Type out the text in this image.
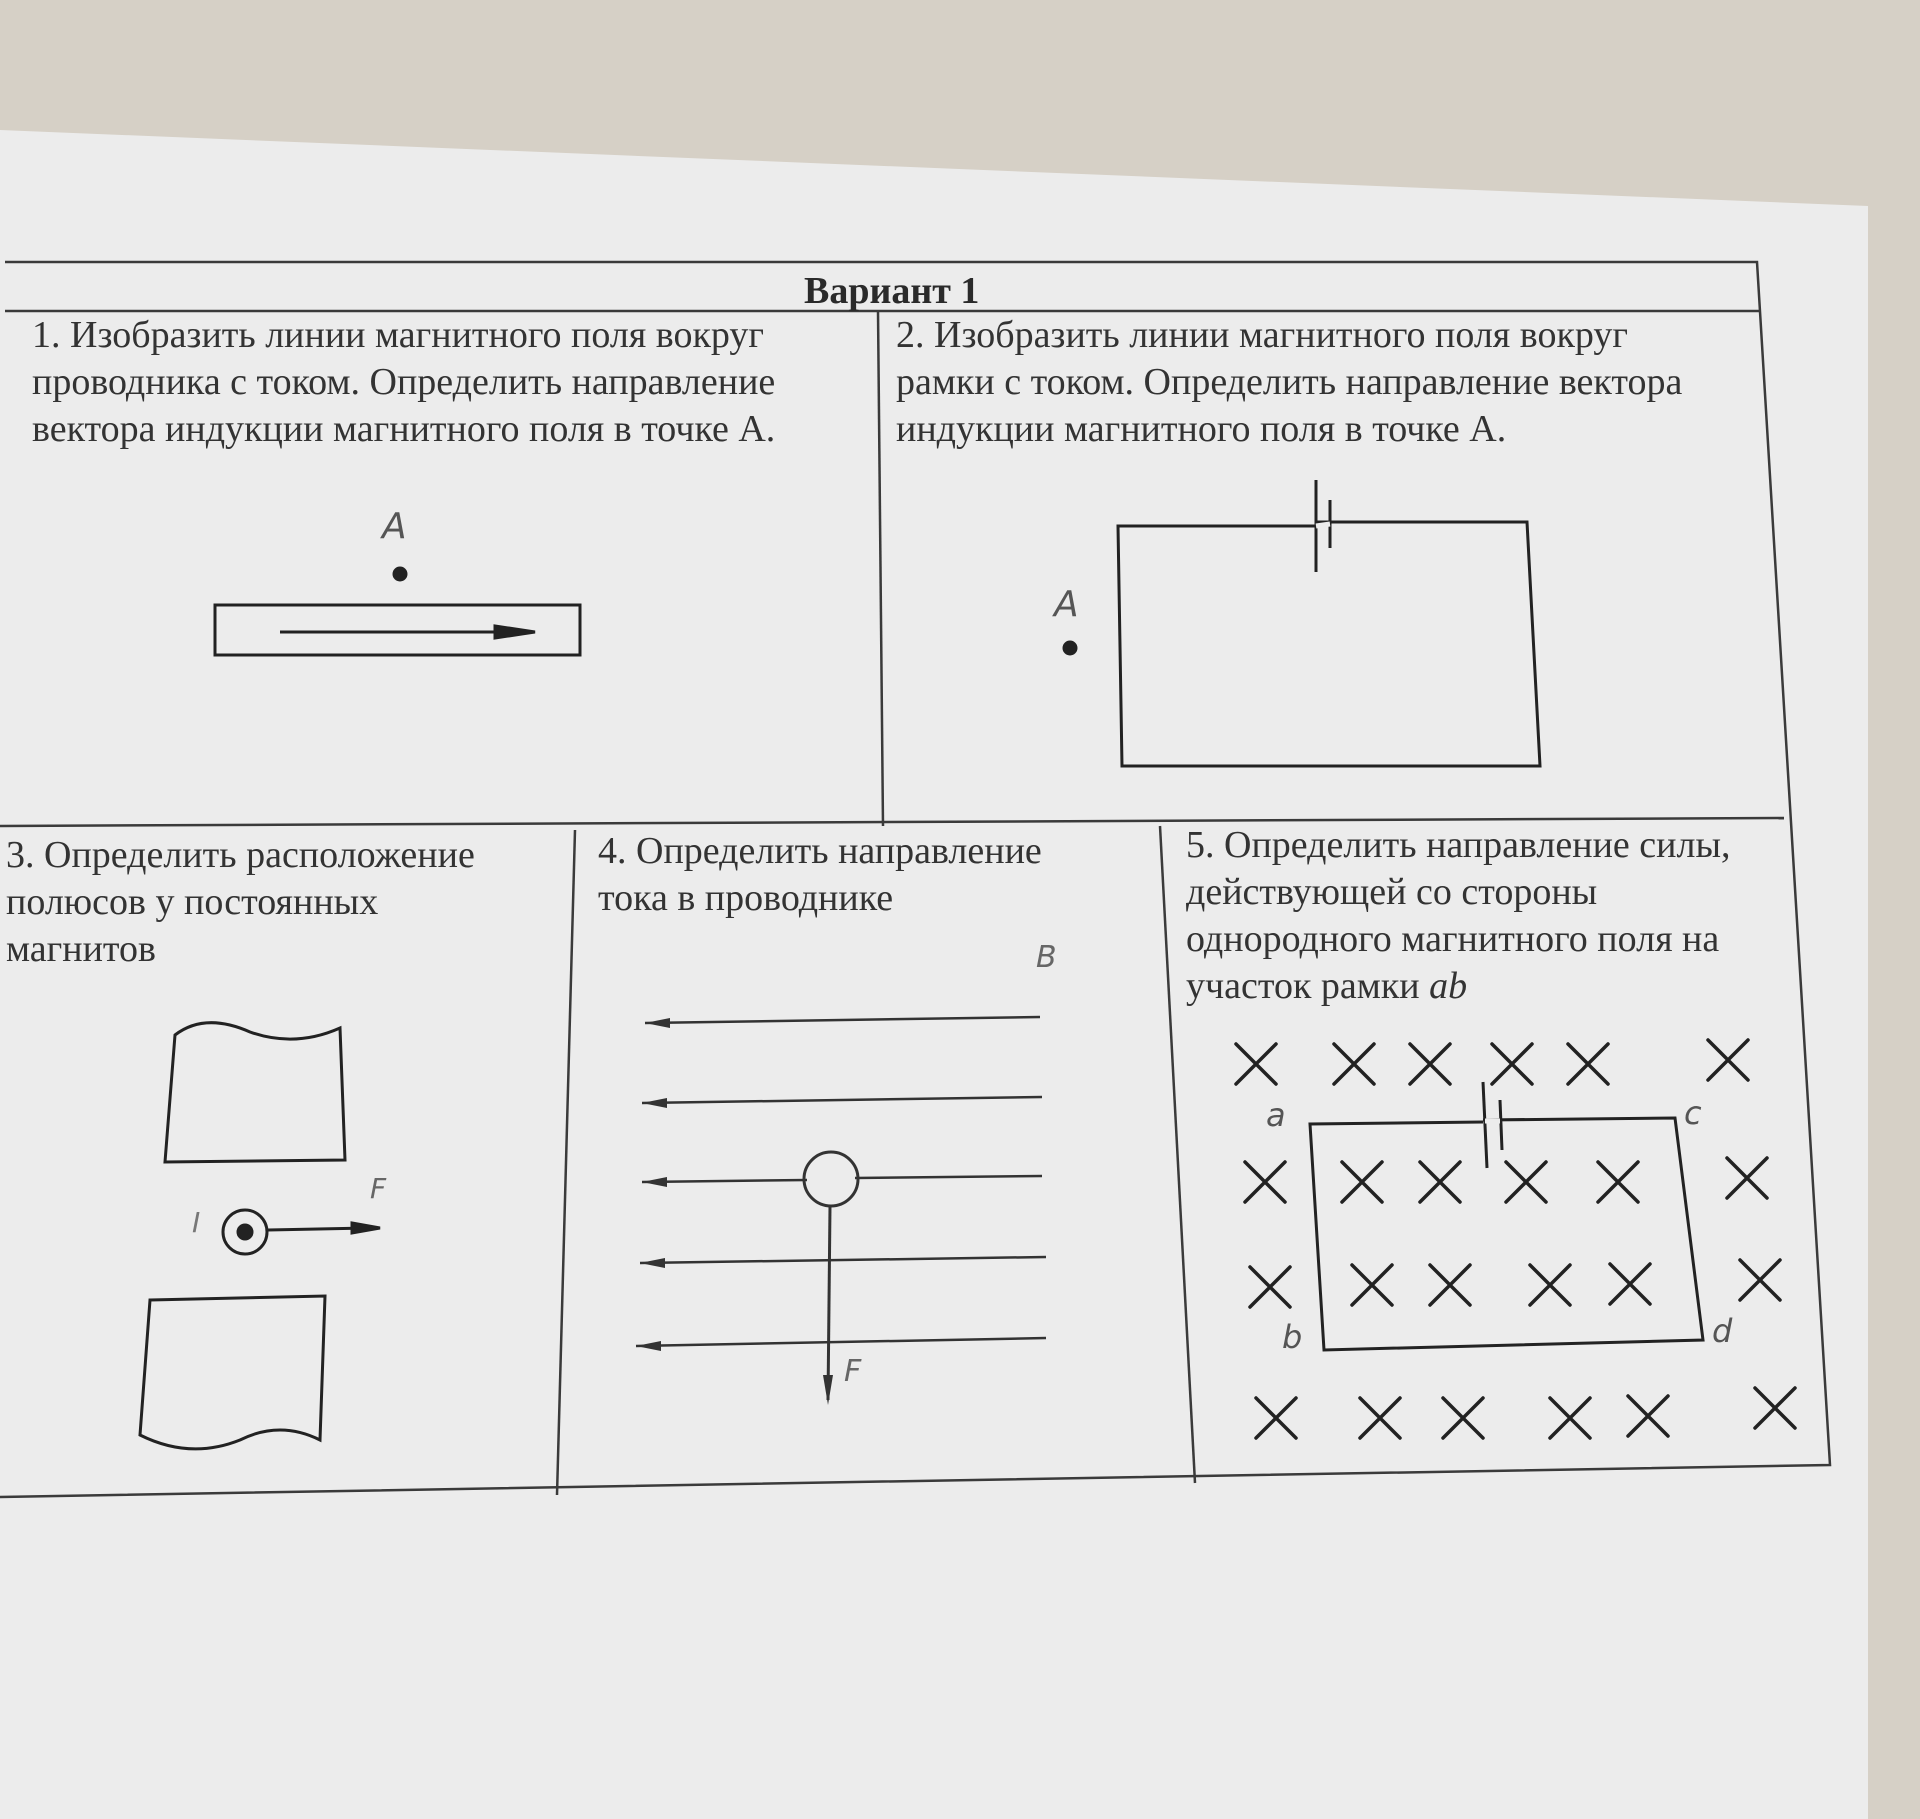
Вариант 1
1. Изобразить линии магнитного поля вокруг
проводника с током. Определить направление
вектора индукции магнитного поля в точке А.
A
2. Изобразить линии магнитного поля вокруг
рамки с током. Определить направление вектора
индукции магнитного поля в точке А.
A
3. Определить расположение
полюсов у постоянных
магнитов
I
F
4. Определить направление
тока в проводнике
B
F
5. Определить направление силы,
действующей со стороны
однородного магнитного поля на
участок рамки ab
a	c
b	d
